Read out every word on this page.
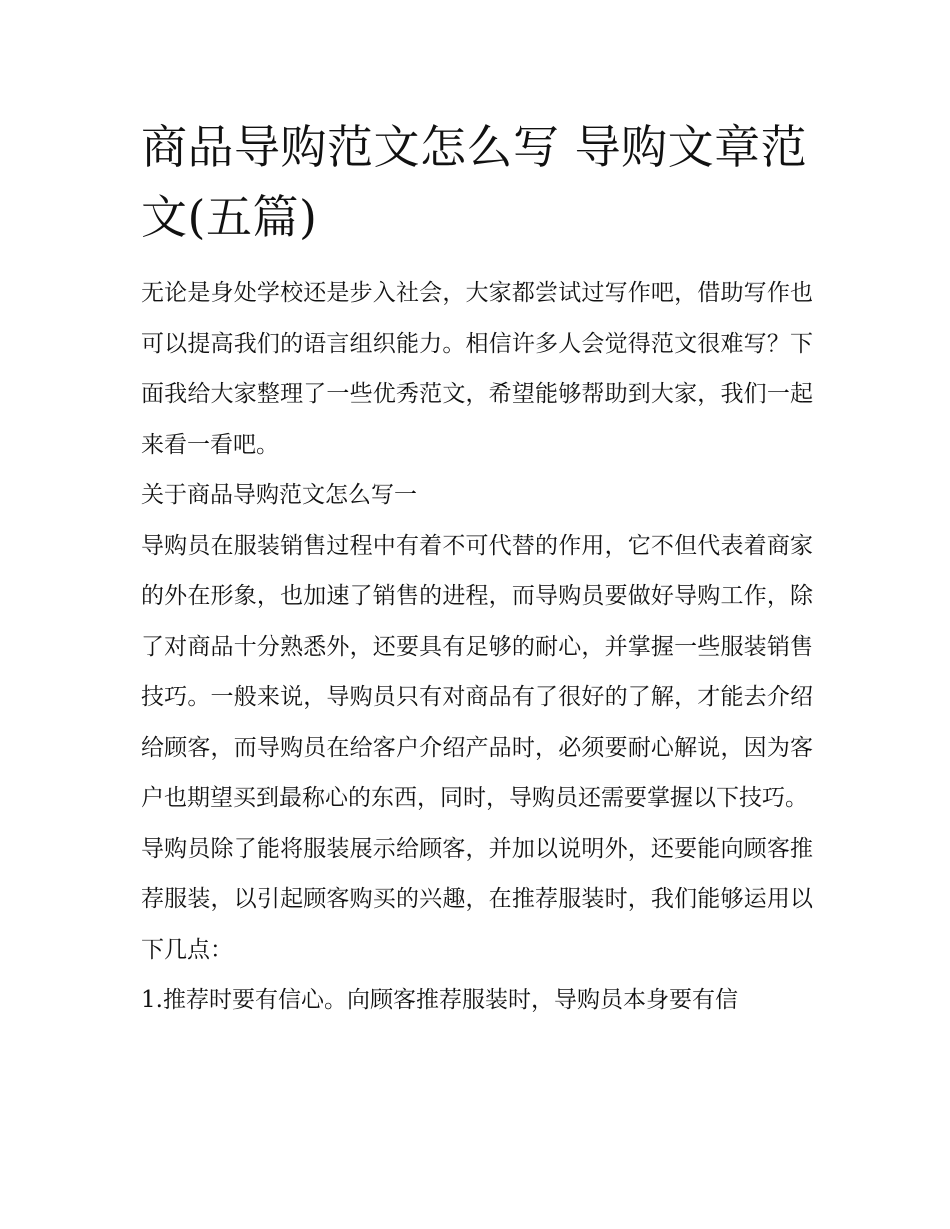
商品导购范文怎么写 导购文章范文(五篇)

无论是身处学校还是步入社会，大家都尝试过写作吧，借助写作也可以提高我们的语言组织能力。相信许多人会觉得范文很难写？下面我给大家整理了一些优秀范文，希望能够帮助到大家，我们一起来看一看吧。

关于商品导购范文怎么写一

导购员在服装销售过程中有着不可代替的作用，它不但代表着商家的外在形象，也加速了销售的进程，而导购员要做好导购工作，除了对商品十分熟悉外，还要具有足够的耐心，并掌握一些服装销售技巧。一般来说，导购员只有对商品有了很好的了解，才能去介绍给顾客，而导购员在给客户介绍产品时，必须要耐心解说，因为客户也期望买到最称心的东西，同时，导购员还需要掌握以下技巧。

导购员除了能将服装展示给顾客，并加以说明外，还要能向顾客推荐服装，以引起顾客购买的兴趣，在推荐服装时，我们能够运用以下几点：

1.推荐时要有信心。向顾客推荐服装时，导购员本身要有信
